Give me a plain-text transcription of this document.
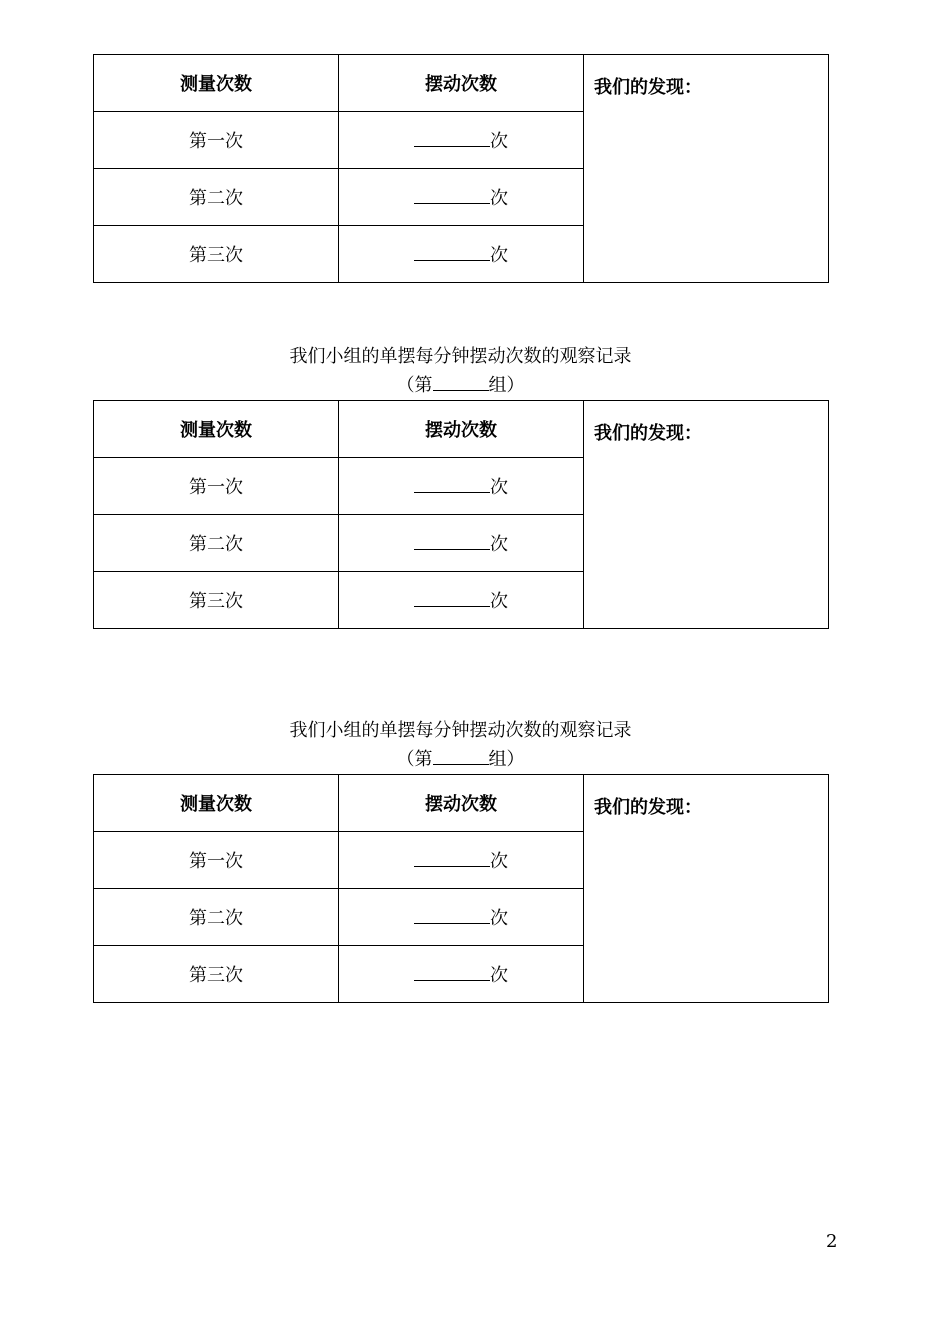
测量次数	摆动次数	我们的发现：
第一次	次	
第二次	次	
第三次	次	
我们小组的单摆每分钟摆动次数的观察记录
（第	组）
测量次数	摆动次数	我们的发现：
第一次	次	
第二次	次	
第三次	次	
我们小组的单摆每分钟摆动次数的观察记录
（第	组）
测量次数	摆动次数	我们的发现：
第一次	次	
第二次	次	
第三次	次	
2
